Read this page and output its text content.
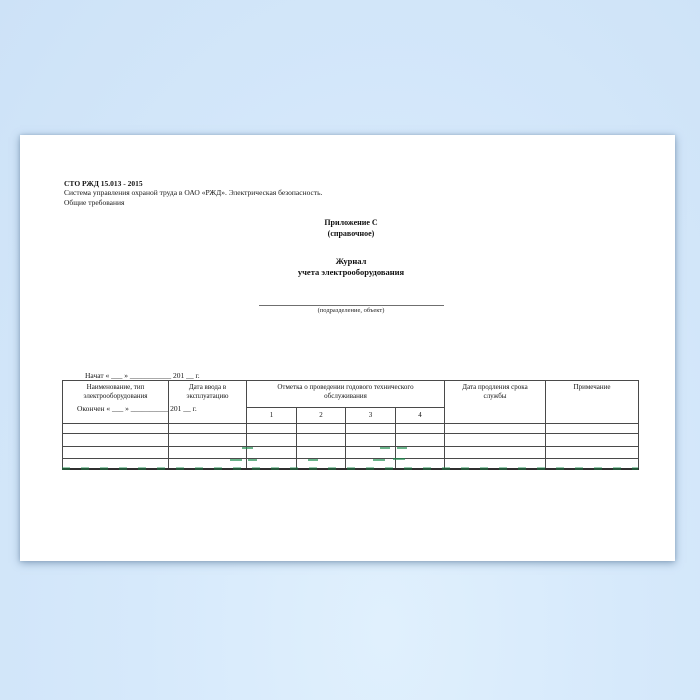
СТО РЖД 15.013 - 2015
Система управления охраной труда в ОАО «РЖД». Электрическая безопасность.
Общие требования
Приложение С
(справочное)
Журнал
учета электрооборудования
(подразделение, объект)

Начат « ___ » ___________ 201 __ г.

Окончен « ___ » __________ 201 __ г.

Наименование, тип электрооборудования	Дата ввода в эксплуатацию	Отметка о проведении годового технического обслуживания				Дата продления срока службы	Примечание

		1	2	3	4		
